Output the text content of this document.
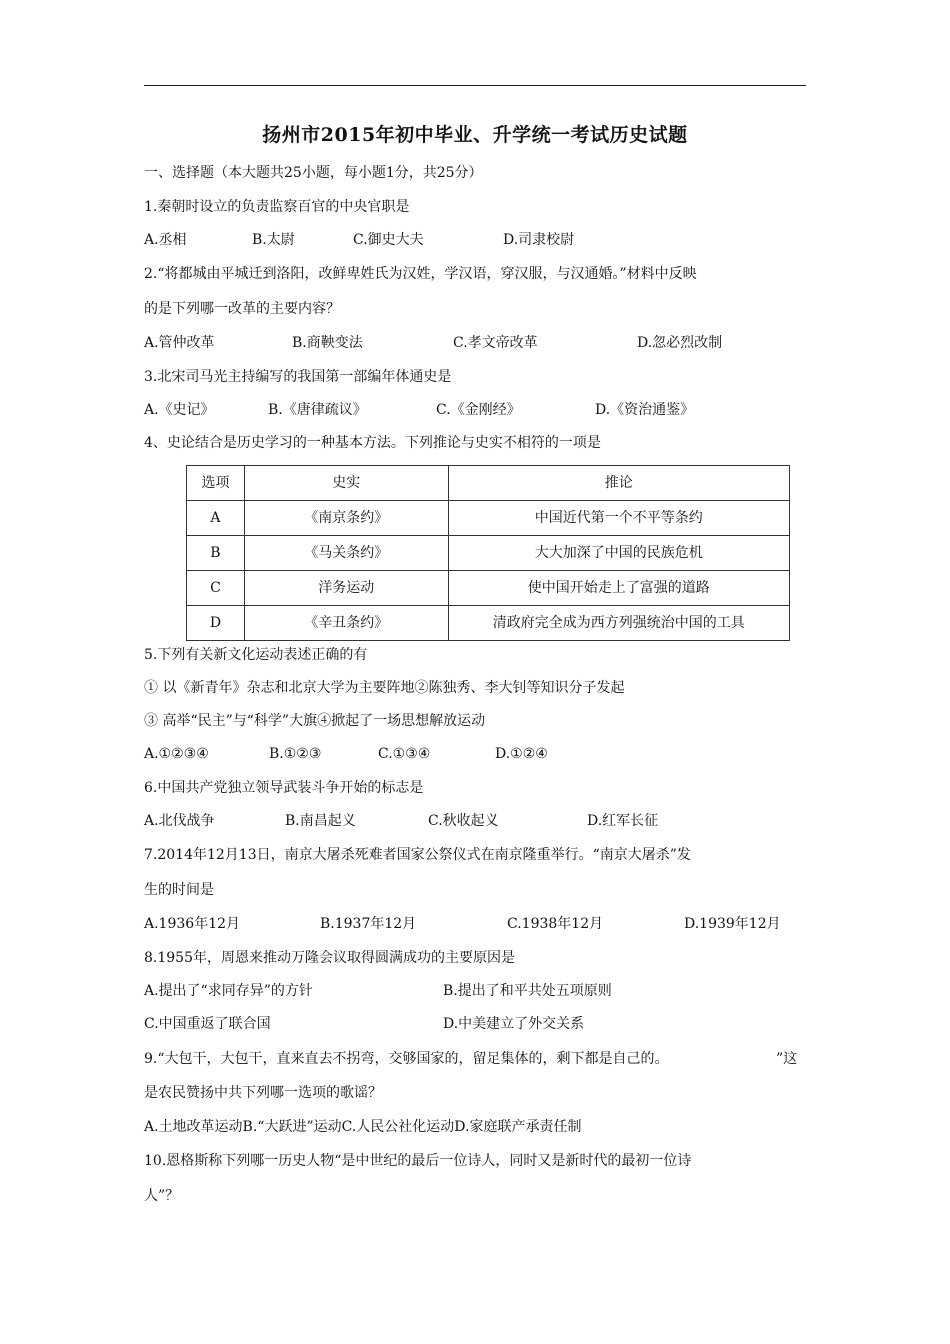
扬州市2015年初中毕业、升学统一考试历史试题
一、选择题（本大题共25小题，每小题1分，共25分）
1.秦朝时设立的负责监察百官的中央官职是
A.丞相	B.太尉	C.御史大夫	D.司隶校尉
2.“将都城由平城迁到洛阳，改鲜卑姓氏为汉姓，学汉语，穿汉服，与汉通婚。”材料中反映
的是下列哪一改革的主要内容？
A.管仲改革	B.商鞅变法	C.孝文帝改革	D.忽必烈改制
3.北宋司马光主持编写的我国第一部编年体通史是
A.《史记》	B.《唐律疏议》	C.《金刚经》	D.《资治通鉴》
4、史论结合是历史学习的一种基本方法。下列推论与史实不相符的一项是
选项	史实	推论
A	《南京条约》	中国近代第一个不平等条约
B	《马关条约》	大大加深了中国的民族危机
C	洋务运动	使中国开始走上了富强的道路
D	《辛丑条约》	清政府完全成为西方列强统治中国的工具
5.下列有关新文化运动表述正确的有
① 以《新青年》杂志和北京大学为主要阵地②陈独秀、李大钊等知识分子发起
③ 高举“民主”与“科学”大旗④掀起了一场思想解放运动
A.①②③④	B.①②③	C.①③④	D.①②④
6.中国共产党独立领导武装斗争开始的标志是
A.北伐战争	B.南昌起义	C.秋收起义	D.红军长征
7.2014年12月13日，南京大屠杀死难者国家公祭仪式在南京隆重举行。“南京大屠杀”发
生的时间是
A.1936年12月	B.1937年12月	C.1938年12月	D.1939年12月
8.1955年，周恩来推动万隆会议取得圆满成功的主要原因是
A.提出了“求同存异”的方针	B.提出了和平共处五项原则
C.中国重返了联合国	D.中美建立了外交关系
9.“大包干，大包干，直来直去不拐弯，交够国家的，留足集体的，剩下都是自己的。	”这
是农民赞扬中共下列哪一选项的歌谣？
A.土地改革运动B.“大跃进”运动C.人民公社化运动D.家庭联产承责任制
10.恩格斯称下列哪一历史人物“是中世纪的最后一位诗人，同时又是新时代的最初一位诗
人”？
